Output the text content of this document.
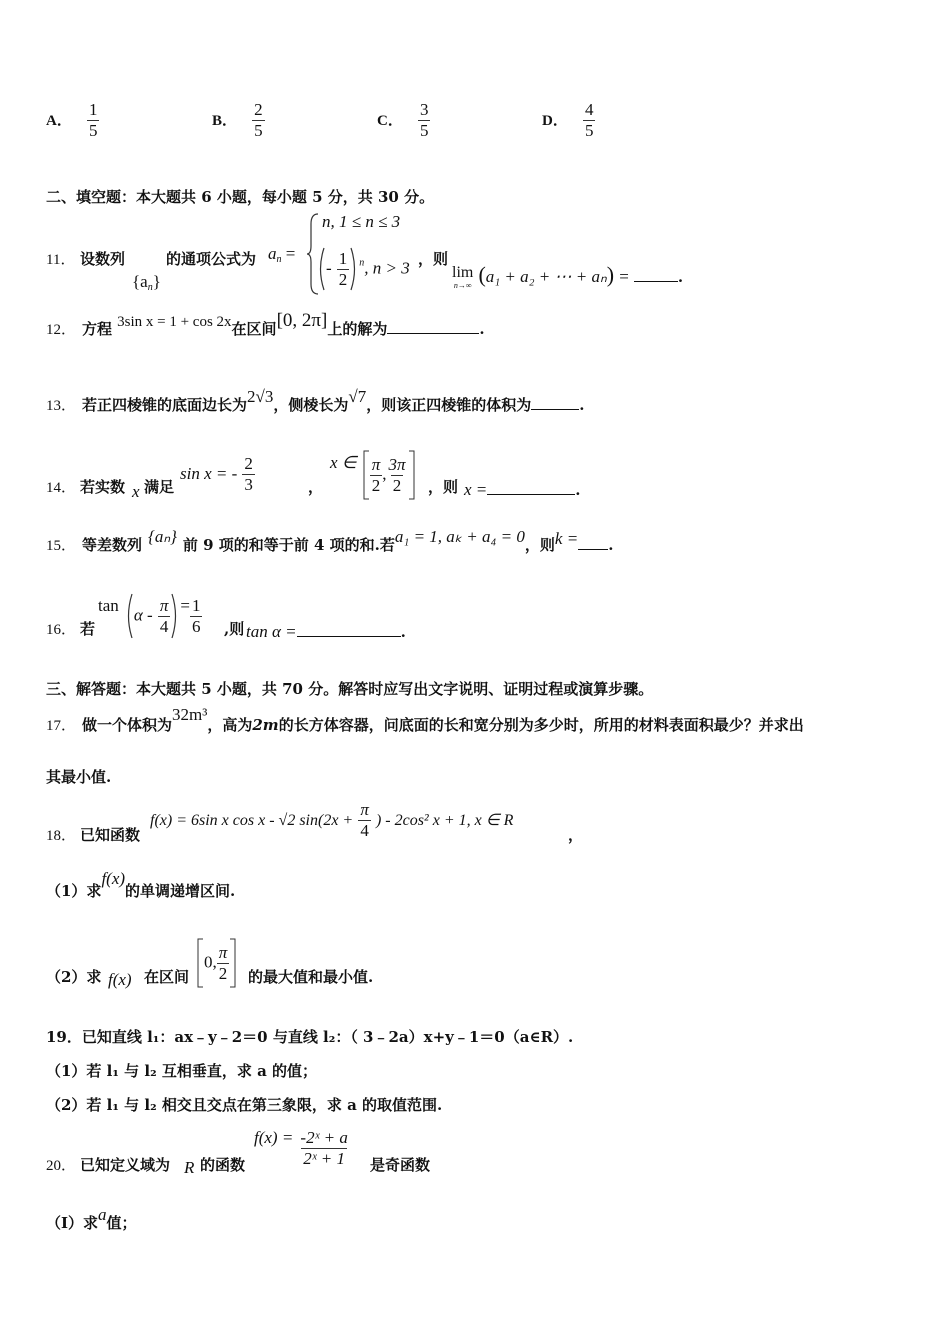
A． $\frac{1}{5}$	B． $\frac{2}{5}$	C． $\frac{3}{5}$	D． $\frac{4}{5}$
二、填空题：本大题共 6 小题，每小题 5 分，共 30 分。
11． 设数列
$\{a_n\}$
的通项公式为 $a_n$ =
n, 1 ≤ n ≤ 3
- $\frac{1}{2} ^n$, n > 3 ，则
lim
n→∞ (a₁ + a₂ + ⋯ + aₙ) =	.
12． 方程 3sin x = 1 + cos 2x在区间[0, 2π]上的解为	.
13． 若正四棱锥的底面边长为2√3，侧棱长为√7，则该正四棱锥的体积为	.
14． 若实数 x 满足
sin x = - $\frac{2}{3}$	，
x ∈ $\frac{\pi}{2}$ , $\frac{3\pi}{2}$ ，则 x =	.
15． 等差数列 {aₙ} 前 9 项的和等于前 4 项的和.若a₁ = 1, aₖ + a₄ = 0，则k = .
16． 若
$\tan \alpha - \frac{\pi}{4} = \frac{1}{6}$ ,则 tan α =	.
三、解答题：本大题共 5 小题，共 70 分。解答时应写出文字说明、证明过程或演算步骤。
17． 做一个体积为32m³，高为2m的长方体容器，问底面的长和宽分别为多少时，所用的材料表面积最少？并求出
其最小值.
18． 已知函数
f(x) = 6sin x cos x - √2 $\sin(2x + \frac{\pi}{4}$ ) - 2cos² x + 1, x ∈ R
，
（1）求f(x)的单调递增区间.
（2）求 f(x) 在区间
0, $\frac{\pi}{2}$ 的最大值和最小值.
19．已知直线 l₁：ax﹣y﹣2＝0 与直线 l₂：（ 3﹣2a）x+y﹣1＝0（a∈R）.
（1）若 l₁ 与 l₂ 互相垂直，求 a 的值；
（2）若 l₁ 与 l₂ 相交且交点在第三象限，求 a 的取值范围.
20． 已知定义域为 R 的函数
$f(x) = \frac{\text{-2ˣ + a}}{\text{2ˣ + 1}}$ 是奇函数
（Ⅰ）求a值；
